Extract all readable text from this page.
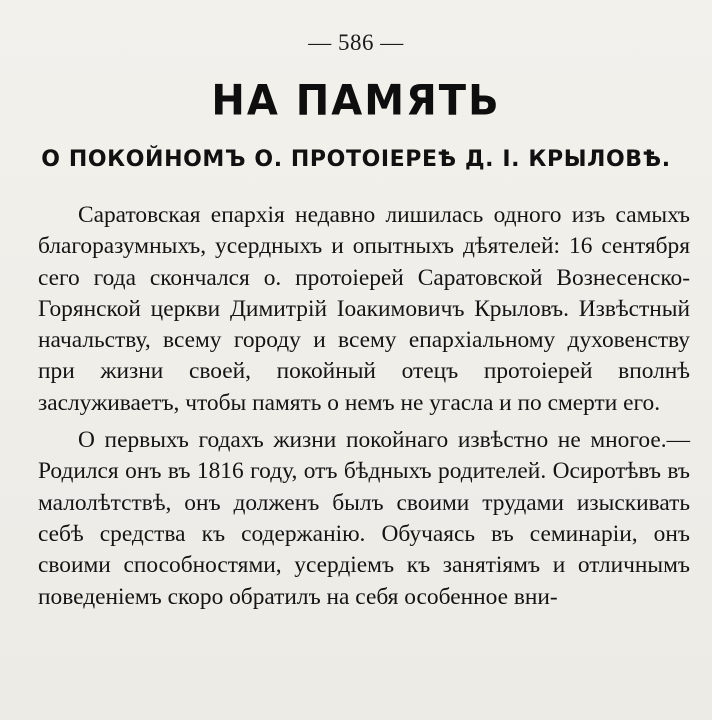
— 586 —
НА ПАМЯТЬ
О ПОКОЙНОМЪ О. ПРОТОІЕРЕѢ Д. І. КРЫЛОВѢ.

Саратовская епархія недавно лишилась одного изъ самыхъ благоразумныхъ, усердныхъ и опытныхъ дѣятелей: 16 сентября сего года скончался о. протоіерей Саратовской Вознесенско-Горянской церкви Димитрій Іоакимовичъ Крыловъ. Извѣстный начальству, всему городу и всему епархіальному духовенству при жизни своей, покойный отецъ протоіерей вполнѣ заслуживаетъ, чтобы память о немъ не угасла и по смерти его.

О первыхъ годахъ жизни покойнаго извѣстно не многое.—Родился онъ въ 1816 году, отъ бѣдныхъ родителей. Осиротѣвъ въ малолѣтствѣ, онъ долженъ былъ своими трудами изыскивать себѣ средства къ содержанію. Обучаясь въ семинаріи, онъ своими способностями, усердіемъ къ занятіямъ и отличнымъ поведеніемъ скоро обратилъ на себя особенное вни-
